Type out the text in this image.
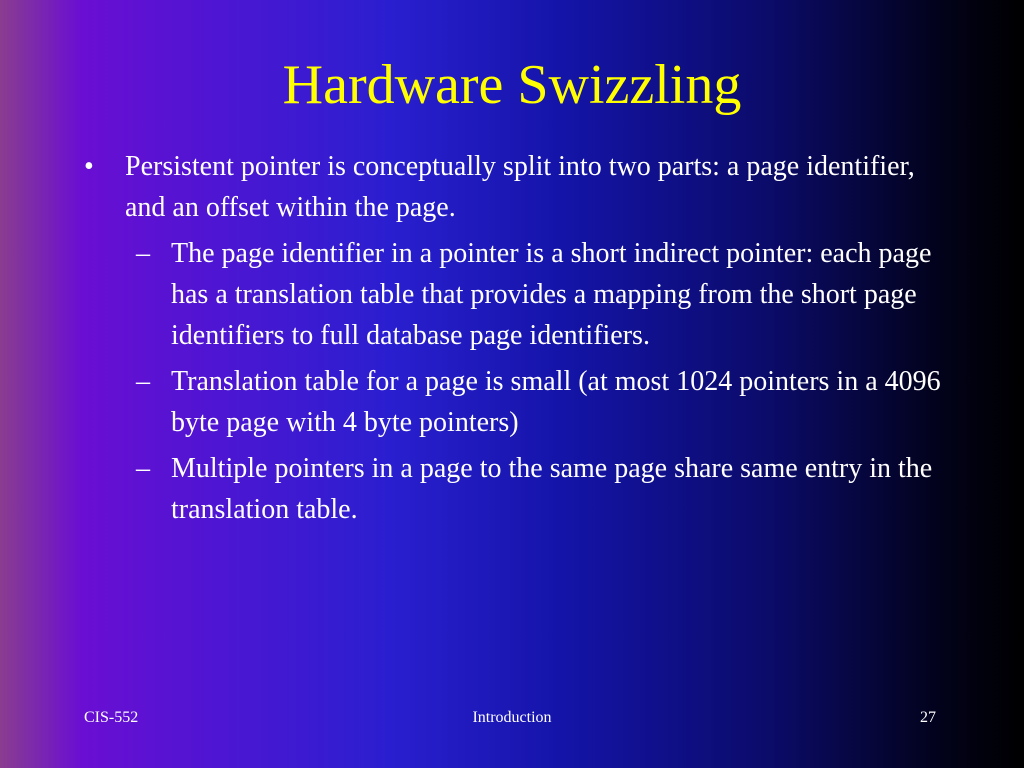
Hardware Swizzling
• Persistent pointer is conceptually split into two parts: a page identifier, and an offset within the page.
– The page identifier in a pointer is a short indirect pointer: each page has a translation table that provides a mapping from the short page identifiers to full database page identifiers.
– Translation table for a page is small (at most 1024 pointers in a 4096 byte page with 4 byte pointers)
– Multiple pointers in a page to the same page share same entry in the translation table.
CIS-552	Introduction	27
